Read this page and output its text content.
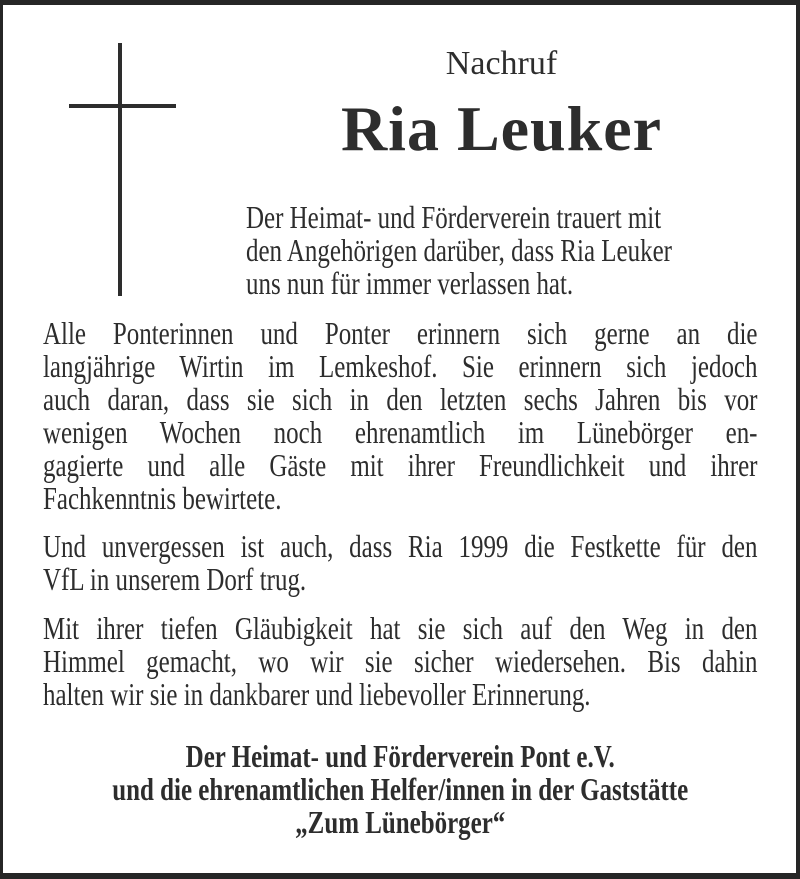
Nachruf
Ria Leuker
Der Heimat- und Förderverein trauert mit
den Angehörigen darüber, dass Ria Leuker
uns nun für immer verlassen hat.
Alle Ponterinnen und Ponter erinnern sich gerne an die
langjährige Wirtin im Lemkeshof. Sie erinnern sich jedoch
auch daran, dass sie sich in den letzten sechs Jahren bis vor
wenigen Wochen noch ehrenamtlich im Lünebörger en-
gagierte und alle Gäste mit ihrer Freundlichkeit und ihrer
Fachkenntnis bewirtete.
Und unvergessen ist auch, dass Ria 1999 die Festkette für den
VfL in unserem Dorf trug.
Mit ihrer tiefen Gläubigkeit hat sie sich auf den Weg in den
Himmel gemacht, wo wir sie sicher wiedersehen. Bis dahin
halten wir sie in dankbarer und liebevoller Erinnerung.
Der Heimat- und Förderverein Pont e.V.
und die ehrenamtlichen Helfer/innen in der Gaststätte
„Zum Lünebörger“
